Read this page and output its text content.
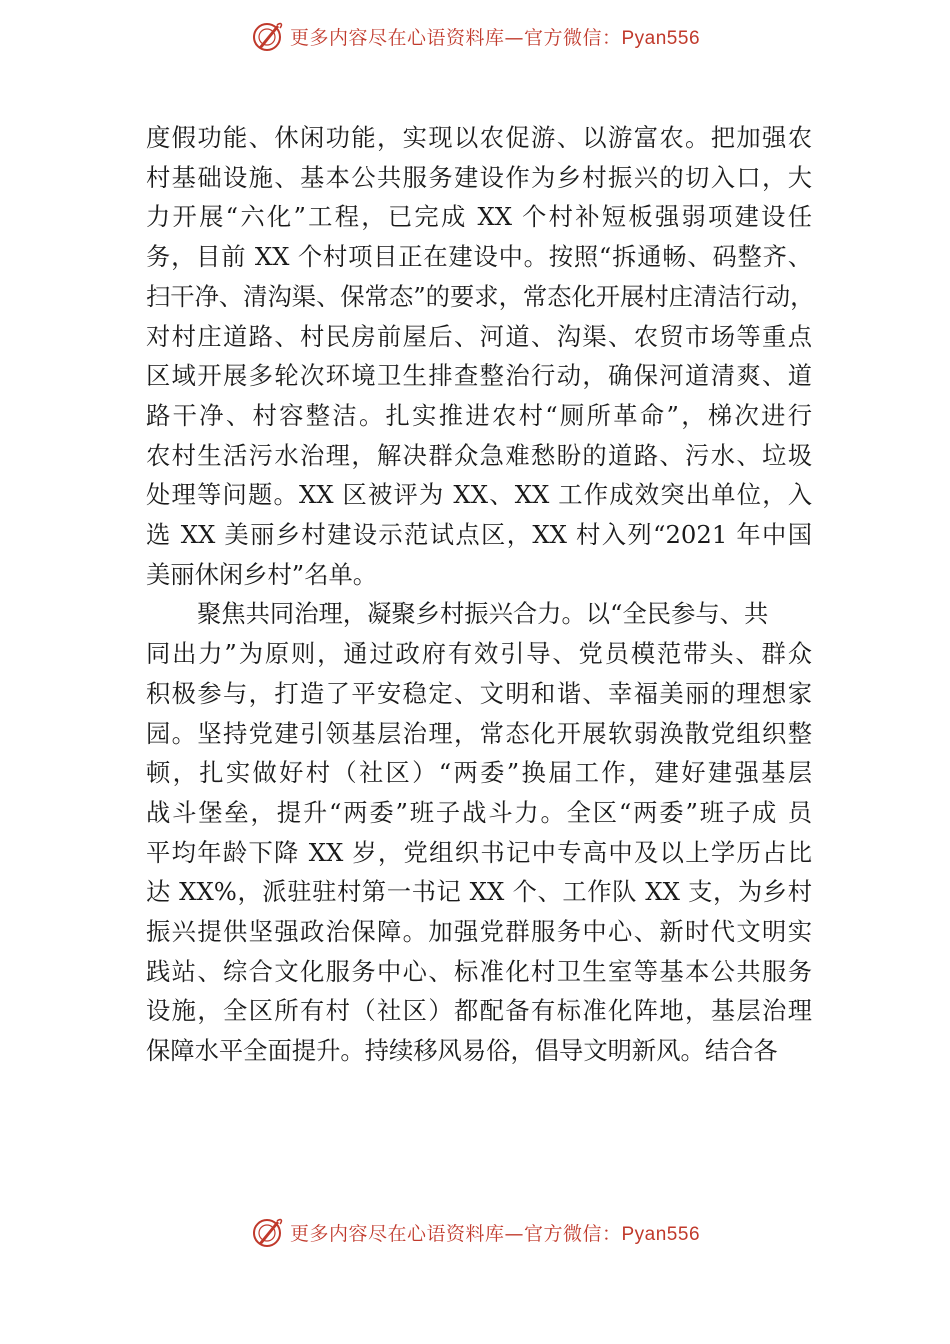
更多内容尽在心语资料库—官方微信：Pyan556

度假功能、休闲功能，实现以农促游、以游富农。把加强农
村基础设施、基本公共服务建设作为乡村振兴的切入口，大
力开展“六化”工程，已完成 XX 个村补短板强弱项建设任
务，目前 XX 个村项目正在建设中。按照“拆通畅、码整齐、
扫干净、清沟渠、保常态”的要求，常态化开展村庄清洁行动，
对村庄道路、村民房前屋后、河道、沟渠、农贸市场等重点
区域开展多轮次环境卫生排查整治行动，确保河道清爽、道
路干净、村容整洁。扎实推进农村“厕所革命”，梯次进行
农村生活污水治理，解决群众急难愁盼的道路、污水、垃圾
处理等问题。XX 区被评为 XX、XX 工作成效突出单位，入
选 XX 美丽乡村建设示范试点区，XX 村入列“2021 年中国
美丽休闲乡村”名单。

聚焦共同治理，凝聚乡村振兴合力。以“全民参与、共
同出力”为原则，通过政府有效引导、党员模范带头、群众
积极参与，打造了平安稳定、文明和谐、幸福美丽的理想家
园。坚持党建引领基层治理，常态化开展软弱涣散党组织整
顿，扎实做好村（社区）“两委”换届工作，建好建强基层
战斗堡垒，提升“两委”班子战斗力。全区“两委”班子成 员
平均年龄下降 XX 岁，党组织书记中专高中及以上学历占比
达 XX%，派驻驻村第一书记 XX 个、工作队 XX 支，为乡村
振兴提供坚强政治保障。加强党群服务中心、新时代文明实
践站、综合文化服务中心、标准化村卫生室等基本公共服务
设施，全区所有村（社区）都配备有标准化阵地，基层治理
保障水平全面提升。持续移风易俗，倡导文明新风。结合各

更多内容尽在心语资料库—官方微信：Pyan556
